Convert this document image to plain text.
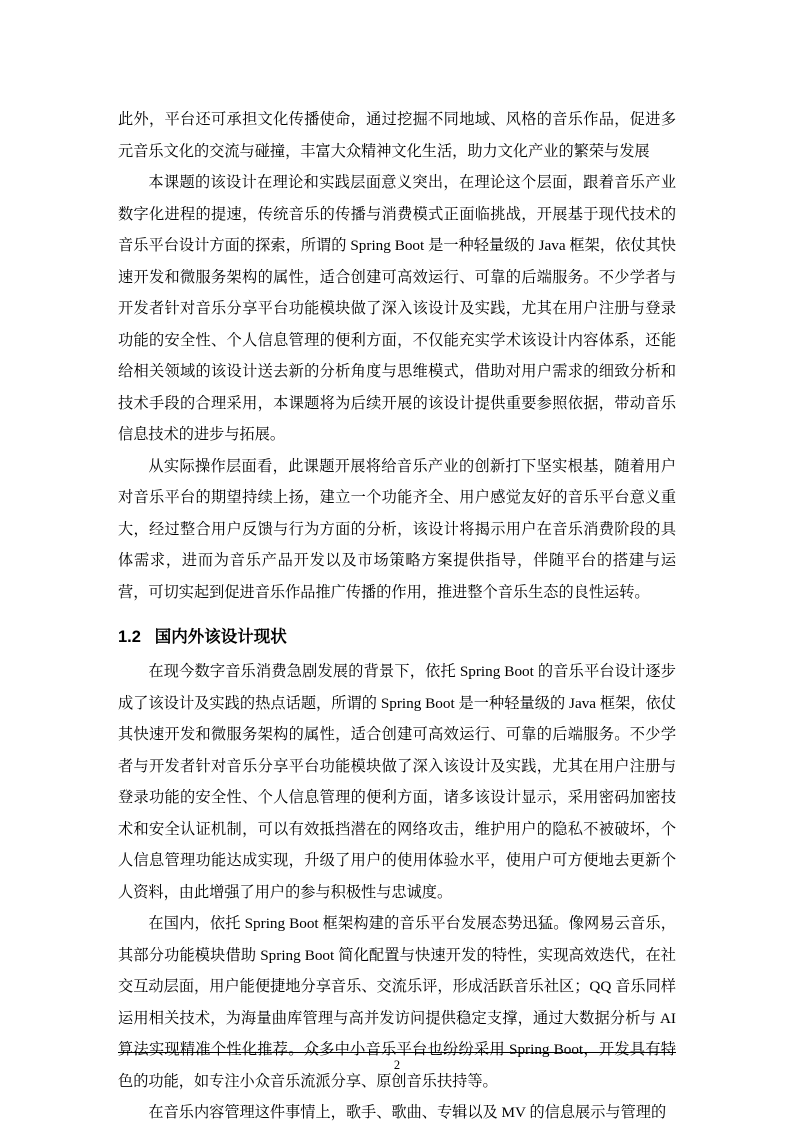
此外，平台还可承担文化传播使命，通过挖掘不同地域、风格的音乐作品，促进多元音乐文化的交流与碰撞，丰富大众精神文化生活，助力文化产业的繁荣与发展

本课题的该设计在理论和实践层面意义突出，在理论这个层面，跟着音乐产业数字化进程的提速，传统音乐的传播与消费模式正面临挑战，开展基于现代技术的音乐平台设计方面的探索，所谓的 Spring Boot 是一种轻量级的 Java 框架，依仗其快速开发和微服务架构的属性，适合创建可高效运行、可靠的后端服务。不少学者与开发者针对音乐分享平台功能模块做了深入该设计及实践，尤其在用户注册与登录功能的安全性、个人信息管理的便利方面，不仅能充实学术该设计内容体系，还能给相关领域的该设计送去新的分析角度与思维模式，借助对用户需求的细致分析和技术手段的合理采用，本课题将为后续开展的该设计提供重要参照依据，带动音乐信息技术的进步与拓展。

从实际操作层面看，此课题开展将给音乐产业的创新打下坚实根基，随着用户对音乐平台的期望持续上扬，建立一个功能齐全、用户感觉友好的音乐平台意义重大，经过整合用户反馈与行为方面的分析，该设计将揭示用户在音乐消费阶段的具体需求，进而为音乐产品开发以及市场策略方案提供指导，伴随平台的搭建与运营，可切实起到促进音乐作品推广传播的作用，推进整个音乐生态的良性运转。

1.2 国内外该设计现状

在现今数字音乐消费急剧发展的背景下，依托 Spring Boot 的音乐平台设计逐步成了该设计及实践的热点话题，所谓的 Spring Boot 是一种轻量级的 Java 框架，依仗其快速开发和微服务架构的属性，适合创建可高效运行、可靠的后端服务。不少学者与开发者针对音乐分享平台功能模块做了深入该设计及实践，尤其在用户注册与登录功能的安全性、个人信息管理的便利方面，诸多该设计显示，采用密码加密技术和安全认证机制，可以有效抵挡潜在的网络攻击，维护用户的隐私不被破坏，个人信息管理功能达成实现，升级了用户的使用体验水平，使用户可方便地去更新个人资料，由此增强了用户的参与积极性与忠诚度。

在国内，依托 Spring Boot 框架构建的音乐平台发展态势迅猛。像网易云音乐，其部分功能模块借助 Spring Boot 简化配置与快速开发的特性，实现高效迭代，在社交互动层面，用户能便捷地分享音乐、交流乐评，形成活跃音乐社区；QQ 音乐同样运用相关技术，为海量曲库管理与高并发访问提供稳定支撑，通过大数据分析与 AI 算法实现精准个性化推荐。众多中小音乐平台也纷纷采用 Spring Boot，开发具有特色的功能，如专注小众音乐流派分享、原创音乐扶持等。

在音乐内容管理这件事情上，歌手、歌曲、专辑以及 MV 的信息展示与管理的

2
